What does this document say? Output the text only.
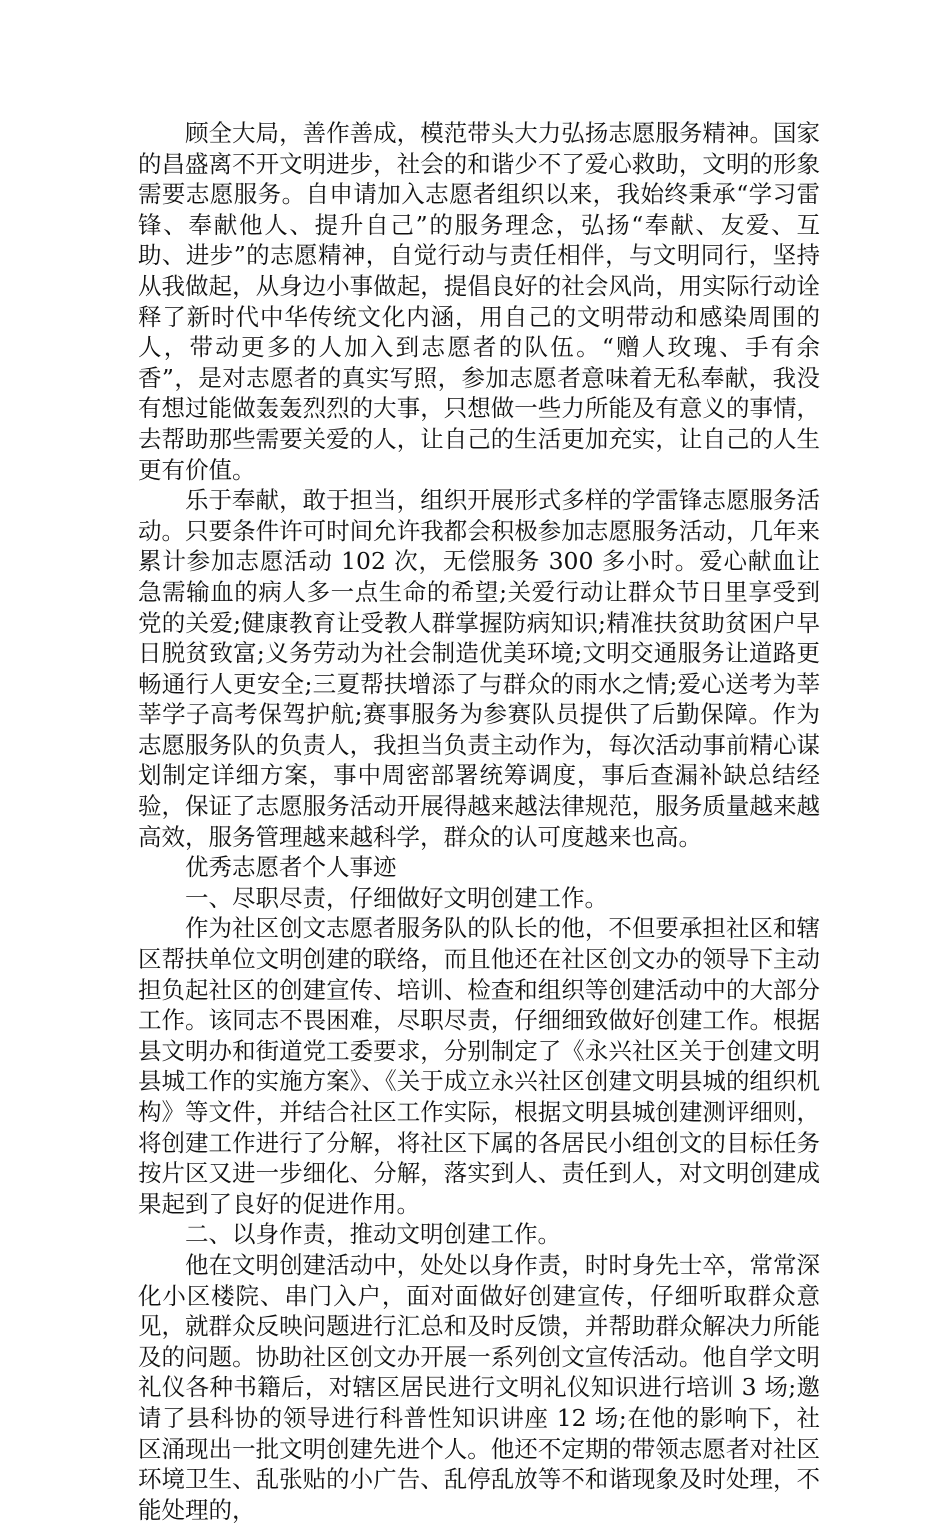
顾全大局，善作善成，模范带头大力弘扬志愿服务精神。国家的昌盛离不开文明进步，社会的和谐少不了爱心救助，文明的形象需要志愿服务。自申请加入志愿者组织以来，我始终秉承“学习雷锋、奉献他人、提升自己”的服务理念，弘扬“奉献、友爱、互助、进步”的志愿精神，自觉行动与责任相伴，与文明同行，坚持从我做起，从身边小事做起，提倡良好的社会风尚，用实际行动诠释了新时代中华传统文化内涵，用自己的文明带动和感染周围的人，带动更多的人加入到志愿者的队伍。“赠人玫瑰、手有余香”，是对志愿者的真实写照，参加志愿者意味着无私奉献，我没有想过能做轰轰烈烈的大事，只想做一些力所能及有意义的事情，去帮助那些需要关爱的人，让自己的生活更加充实，让自己的人生更有价值。

乐于奉献，敢于担当，组织开展形式多样的学雷锋志愿服务活动。只要条件许可时间允许我都会积极参加志愿服务活动，几年来累计参加志愿活动 102 次，无偿服务 300 多小时。爱心献血让急需输血的病人多一点生命的希望;关爱行动让群众节日里享受到党的关爱;健康教育让受教人群掌握防病知识;精准扶贫助贫困户早日脱贫致富;义务劳动为社会制造优美环境;文明交通服务让道路更畅通行人更安全;三夏帮扶增添了与群众的雨水之情;爱心送考为莘莘学子高考保驾护航;赛事服务为参赛队员提供了后勤保障。作为志愿服务队的负责人，我担当负责主动作为，每次活动事前精心谋划制定详细方案，事中周密部署统筹调度，事后查漏补缺总结经验，保证了志愿服务活动开展得越来越法律规范，服务质量越来越高效，服务管理越来越科学，群众的认可度越来也高。

优秀志愿者个人事迹

一、尽职尽责，仔细做好文明创建工作。

作为社区创文志愿者服务队的队长的他，不但要承担社区和辖区帮扶单位文明创建的联络，而且他还在社区创文办的领导下主动担负起社区的创建宣传、培训、检查和组织等创建活动中的大部分工作。该同志不畏困难，尽职尽责，仔细细致做好创建工作。根据县文明办和街道党工委要求，分别制定了《永兴社区关于创建文明县城工作的实施方案》、《关于成立永兴社区创建文明县城的组织机构》等文件，并结合社区工作实际，根据文明县城创建测评细则，将创建工作进行了分解，将社区下属的各居民小组创文的目标任务按片区又进一步细化、分解，落实到人、责任到人，对文明创建成果起到了良好的促进作用。

二、以身作责，推动文明创建工作。

他在文明创建活动中，处处以身作责，时时身先士卒，常常深化小区楼院、串门入户，面对面做好创建宣传，仔细听取群众意见，就群众反映问题进行汇总和及时反馈，并帮助群众解决力所能及的问题。协助社区创文办开展一系列创文宣传活动。他自学文明礼仪各种书籍后，对辖区居民进行文明礼仪知识进行培训 3 场;邀请了县科协的领导进行科普性知识讲座 12 场;在他的影响下，社区涌现出一批文明创建先进个人。他还不定期的带领志愿者对社区环境卫生、乱张贴的小广告、乱停乱放等不和谐现象及时处理，不能处理的，
